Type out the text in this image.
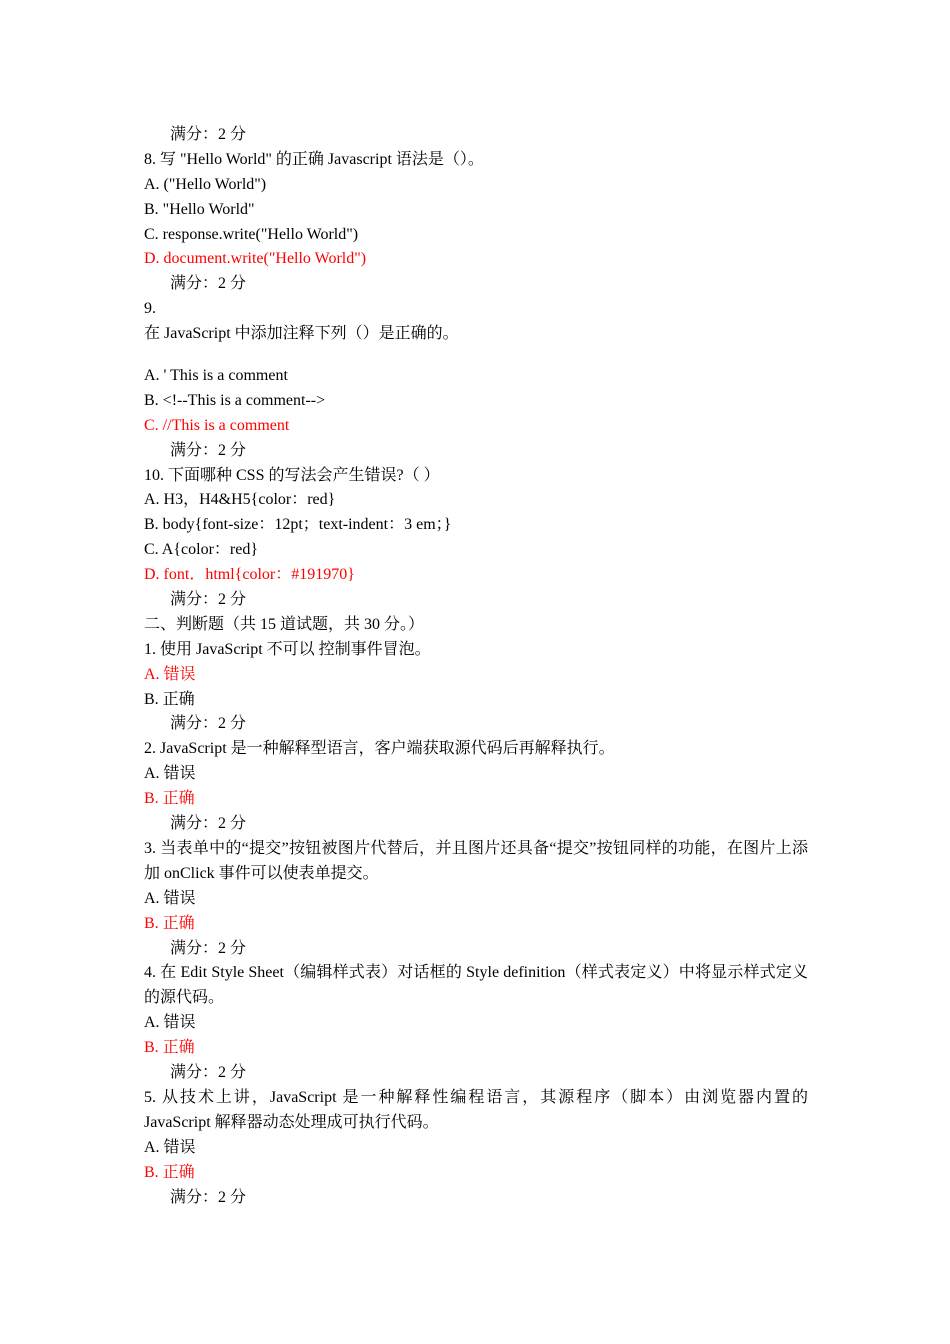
满分：2 分
8. 写 "Hello World" 的正确 Javascript 语法是（）。
A. ("Hello World")
B. "Hello World"
C. response.write("Hello World")
D. document.write("Hello World")
满分：2 分
9.
在 JavaScript 中添加注释下列（）是正确的。
A. ' This is a comment
B. <!--This is a comment-->
C. //This is a comment
满分：2 分
10. 下面哪种 CSS 的写法会产生错误?（ ）
A. H3，H4&H5{color：red}
B. body{font-size：12pt；text-indent：3 em；}
C. A{color：red}
D. font．html{color：#191970}
满分：2 分
二、判断题（共 15 道试题，共 30 分。）
1. 使用 JavaScript 不可以 控制事件冒泡。
A. 错误
B. 正确
满分：2 分
2. JavaScript 是一种解释型语言，客户端获取源代码后再解释执行。
A. 错误
B. 正确
满分：2 分
3. 当表单中的“提交”按钮被图片代替后，并且图片还具备“提交”按钮同样的功能，在图片上添加 onClick 事件可以使表单提交。
A. 错误
B. 正确
满分：2 分
4. 在 Edit Style Sheet（编辑样式表）对话框的 Style definition（样式表定义）中将显示样式定义的源代码。
A. 错误
B. 正确
满分：2 分
5. 从技术上讲，JavaScript 是一种解释性编程语言，其源程序（脚本）由浏览器内置的 JavaScript 解释器动态处理成可执行代码。
A. 错误
B. 正确
满分：2 分
